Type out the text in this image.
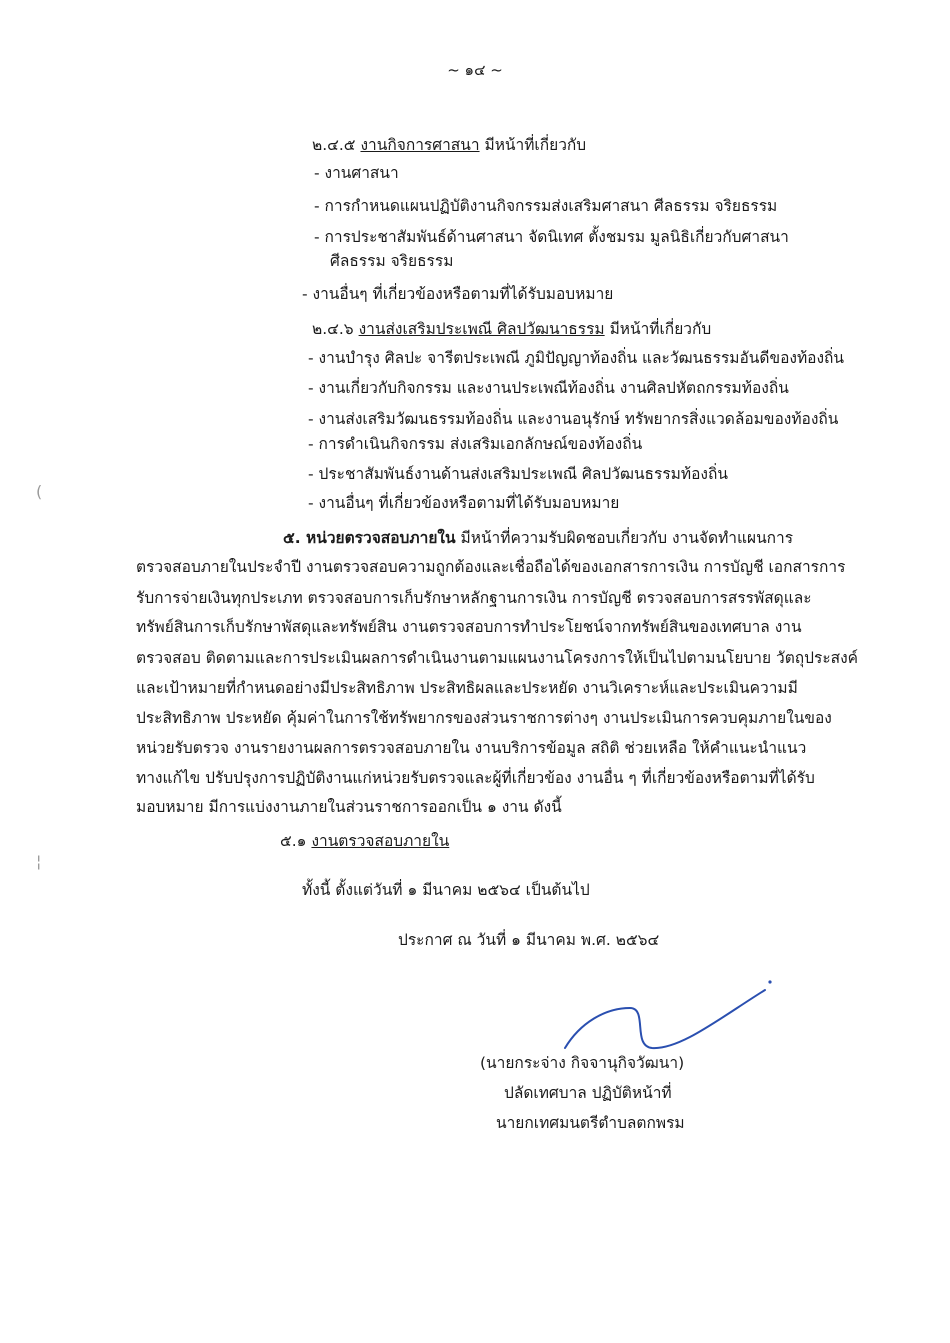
~ ๑๔ ~
๒.๔.๕ งานกิจการศาสนา มีหน้าที่เกี่ยวกับ
- งานศาสนา
- การกำหนดแผนปฏิบัติงานกิจกรรมส่งเสริมศาสนา ศีลธรรม จริยธรรม
- การประชาสัมพันธ์ด้านศาสนา จัดนิเทศ ตั้งชมรม มูลนิธิเกี่ยวกับศาสนา
ศีลธรรม จริยธรรม
- งานอื่นๆ ที่เกี่ยวข้องหรือตามที่ได้รับมอบหมาย
๒.๔.๖ งานส่งเสริมประเพณี ศิลปวัฒนาธรรม มีหน้าที่เกี่ยวกับ
- งานบำรุง ศิลปะ จารีตประเพณี ภูมิปัญญาท้องถิ่น และวัฒนธรรมอันดีของท้องถิ่น
- งานเกี่ยวกับกิจกรรม และงานประเพณีท้องถิ่น งานศิลปหัตถกรรมท้องถิ่น
- งานส่งเสริมวัฒนธรรมท้องถิ่น และงานอนุรักษ์ ทรัพยากรสิ่งแวดล้อมของท้องถิ่น
- การดำเนินกิจกรรม ส่งเสริมเอกลักษณ์ของท้องถิ่น
- ประชาสัมพันธ์งานด้านส่งเสริมประเพณี ศิลปวัฒนธรรมท้องถิ่น
- งานอื่นๆ ที่เกี่ยวข้องหรือตามที่ได้รับมอบหมาย
๕. หน่วยตรวจสอบภายใน มีหน้าที่ความรับผิดชอบเกี่ยวกับ งานจัดทำแผนการ
ตรวจสอบภายในประจำปี งานตรวจสอบความถูกต้องและเชื่อถือได้ของเอกสารการเงิน การบัญชี เอกสารการ
รับการจ่ายเงินทุกประเภท ตรวจสอบการเก็บรักษาหลักฐานการเงิน การบัญชี ตรวจสอบการสรรพัสดุและ
ทรัพย์สินการเก็บรักษาพัสดุและทรัพย์สิน งานตรวจสอบการทำประโยชน์จากทรัพย์สินของเทศบาล งาน
ตรวจสอบ ติดตามและการประเมินผลการดำเนินงานตามแผนงานโครงการให้เป็นไปตามนโยบาย วัตถุประสงค์
และเป้าหมายที่กำหนดอย่างมีประสิทธิภาพ ประสิทธิผลและประหยัด งานวิเคราะห์และประเมินความมี
ประสิทธิภาพ ประหยัด คุ้มค่าในการใช้ทรัพยากรของส่วนราชการต่างๆ งานประเมินการควบคุมภายในของ
หน่วยรับตรวจ งานรายงานผลการตรวจสอบภายใน งานบริการข้อมูล สถิติ ช่วยเหลือ ให้คำแนะนำแนว
ทางแก้ไข ปรับปรุงการปฏิบัติงานแก่หน่วยรับตรวจและผู้ที่เกี่ยวข้อง งานอื่น ๆ ที่เกี่ยวข้องหรือตามที่ได้รับ
มอบหมาย มีการแบ่งงานภายในส่วนราชการออกเป็น ๑ งาน ดังนี้
๕.๑ งานตรวจสอบภายใน
ทั้งนี้ ตั้งแต่วันที่ ๑ มีนาคม ๒๕๖๔ เป็นต้นไป
ประกาศ ณ วันที่ ๑ มีนาคม พ.ศ. ๒๕๖๔
(นายกระจ่าง กิจจานุกิจวัฒนา)
ปลัดเทศบาล ปฏิบัติหน้าที่
นายกเทศมนตรีตำบลตกพรม
(
¦
